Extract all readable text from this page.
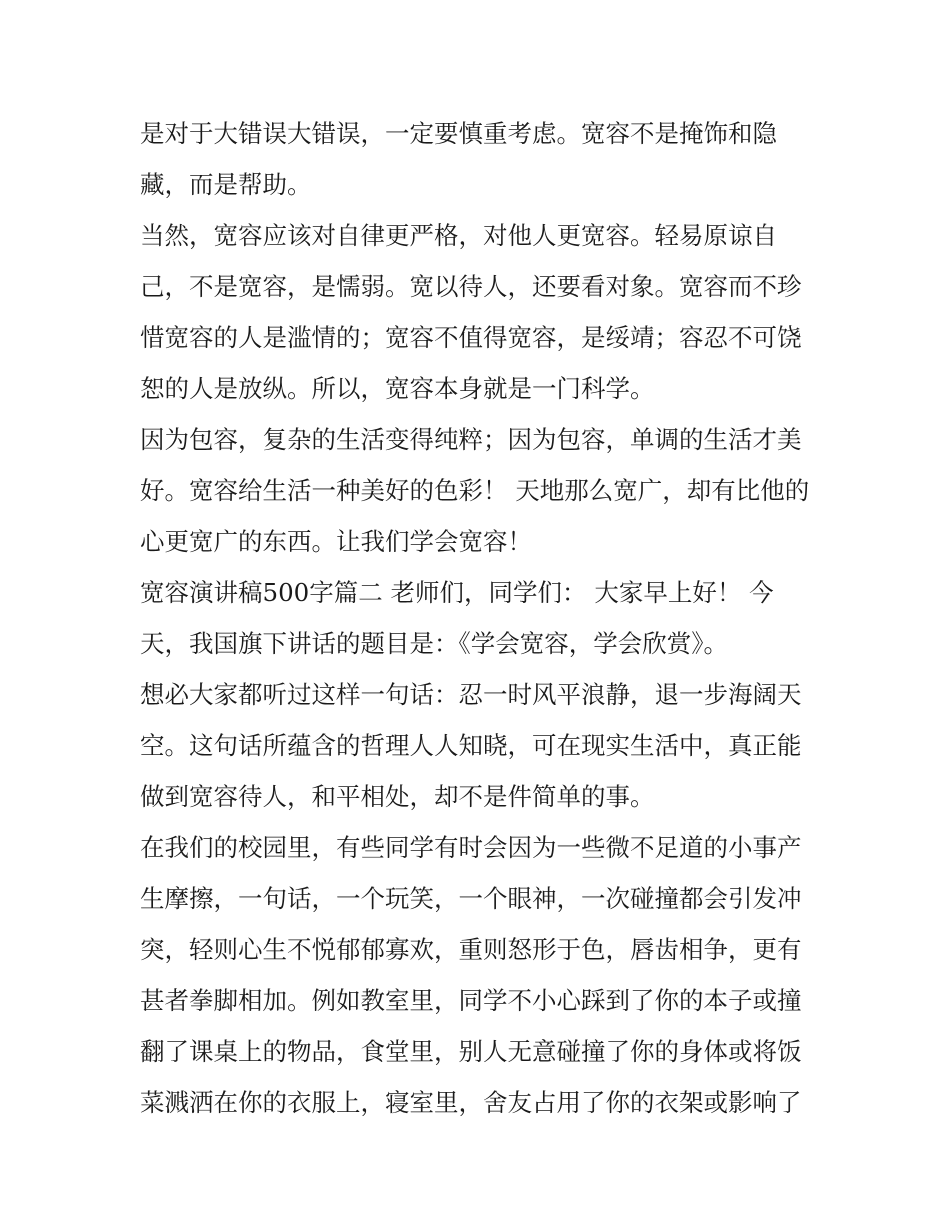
是对于大错误大错误，一定要慎重考虑。宽容不是掩饰和隐藏，而是帮助。

当然，宽容应该对自律更严格，对他人更宽容。轻易原谅自己，不是宽容，是懦弱。宽以待人，还要看对象。宽容而不珍惜宽容的人是滥情的；宽容不值得宽容，是绥靖；容忍不可饶恕的人是放纵。所以，宽容本身就是一门科学。

因为包容，复杂的生活变得纯粹；因为包容，单调的生活才美好。宽容给生活一种美好的色彩！ 天地那么宽广，却有比他的心更宽广的东西。让我们学会宽容！

宽容演讲稿500字篇二 老师们，同学们： 大家早上好！ 今天，我国旗下讲话的题目是：《学会宽容，学会欣赏》。

想必大家都听过这样一句话：忍一时风平浪静，退一步海阔天空。这句话所蕴含的哲理人人知晓，可在现实生活中，真正能做到宽容待人，和平相处，却不是件简单的事。

在我们的校园里，有些同学有时会因为一些微不足道的小事产生摩擦，一句话，一个玩笑，一个眼神，一次碰撞都会引发冲突，轻则心生不悦郁郁寡欢，重则怒形于色，唇齿相争，更有甚者拳脚相加。例如教室里，同学不小心踩到了你的本子或撞翻了课桌上的物品，食堂里，别人无意碰撞了你的身体或将饭菜溅洒在你的衣服上，寝室里，舍友占用了你的衣架或影响了
